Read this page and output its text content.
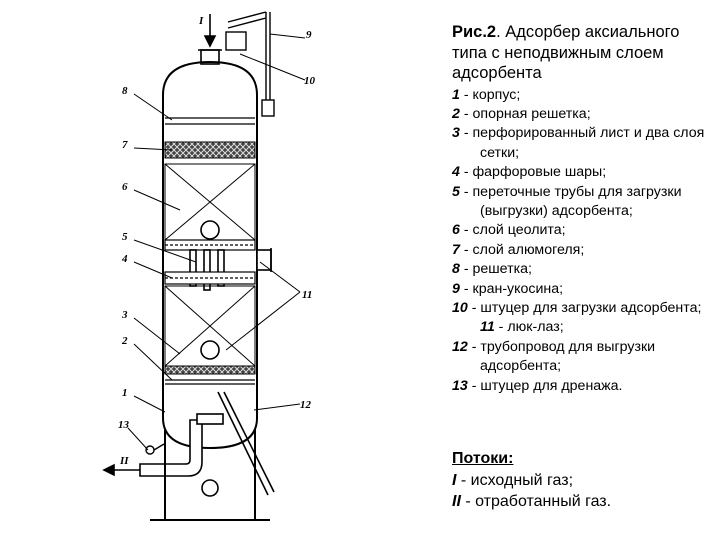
9
10
8
7
6
5
4
11
3
2
1
12
13
I
II
Рис.2. Адсорбер аксиального типа с неподвижным слоем адсорбента
1 - корпус;
2 - опорная решетка;
3 - перфорированный лист и два слоя сетки;
4 - фарфоровые шары;
5 - переточные трубы для загрузки (выгрузки) адсорбента;
6 - слой цеолита;
7 - слой алюмогеля;
8 - решетка;
9 - кран-укосина;
10 - штуцер для загрузки адсорбента; 11 - люк-лаз;
12 - трубопровод для выгрузки адсорбента;
13 - штуцер для дренажа.
Потоки:
I - исходный газ;
II - отработанный газ.
